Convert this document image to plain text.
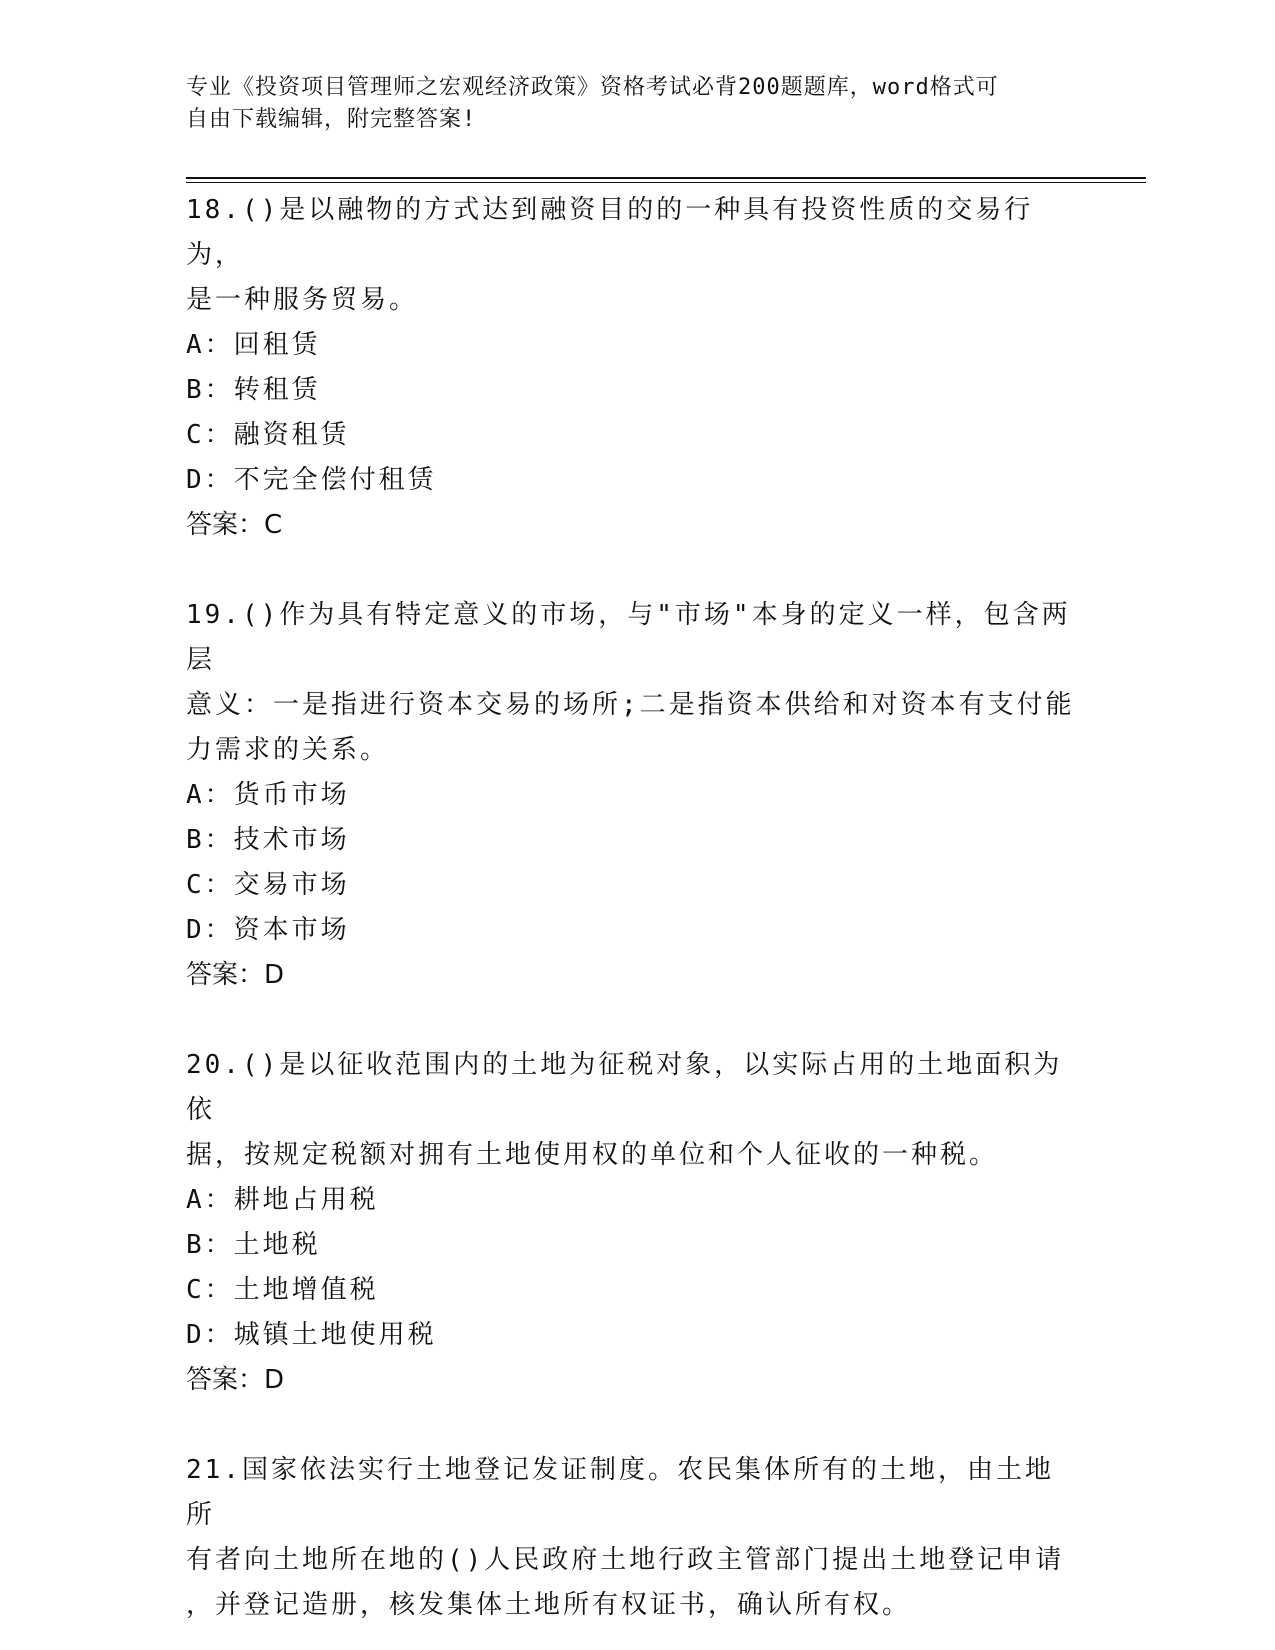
专业《投资项目管理师之宏观经济政策》资格考试必背200题题库，word格式可
自由下载编辑，附完整答案!

18.()是以融物的方式达到融资目的的一种具有投资性质的交易行为，

是一种服务贸易。

A：回租赁

B：转租赁

C：融资租赁

D：不完全偿付租赁

答案：C

19.()作为具有特定意义的市场，与"市场"本身的定义一样，包含两层

意义：一是指进行资本交易的场所;二是指资本供给和对资本有支付能

力需求的关系。

A：货币市场

B：技术市场

C：交易市场

D：资本市场

答案：D

20.()是以征收范围内的土地为征税对象，以实际占用的土地面积为依

据，按规定税额对拥有土地使用权的单位和个人征收的一种税。

A：耕地占用税

B：土地税

C：土地增值税

D：城镇土地使用税

答案：D

21.国家依法实行土地登记发证制度。农民集体所有的土地，由土地所

有者向土地所在地的()人民政府土地行政主管部门提出土地登记申请

，并登记造册，核发集体土地所有权证书，确认所有权。
